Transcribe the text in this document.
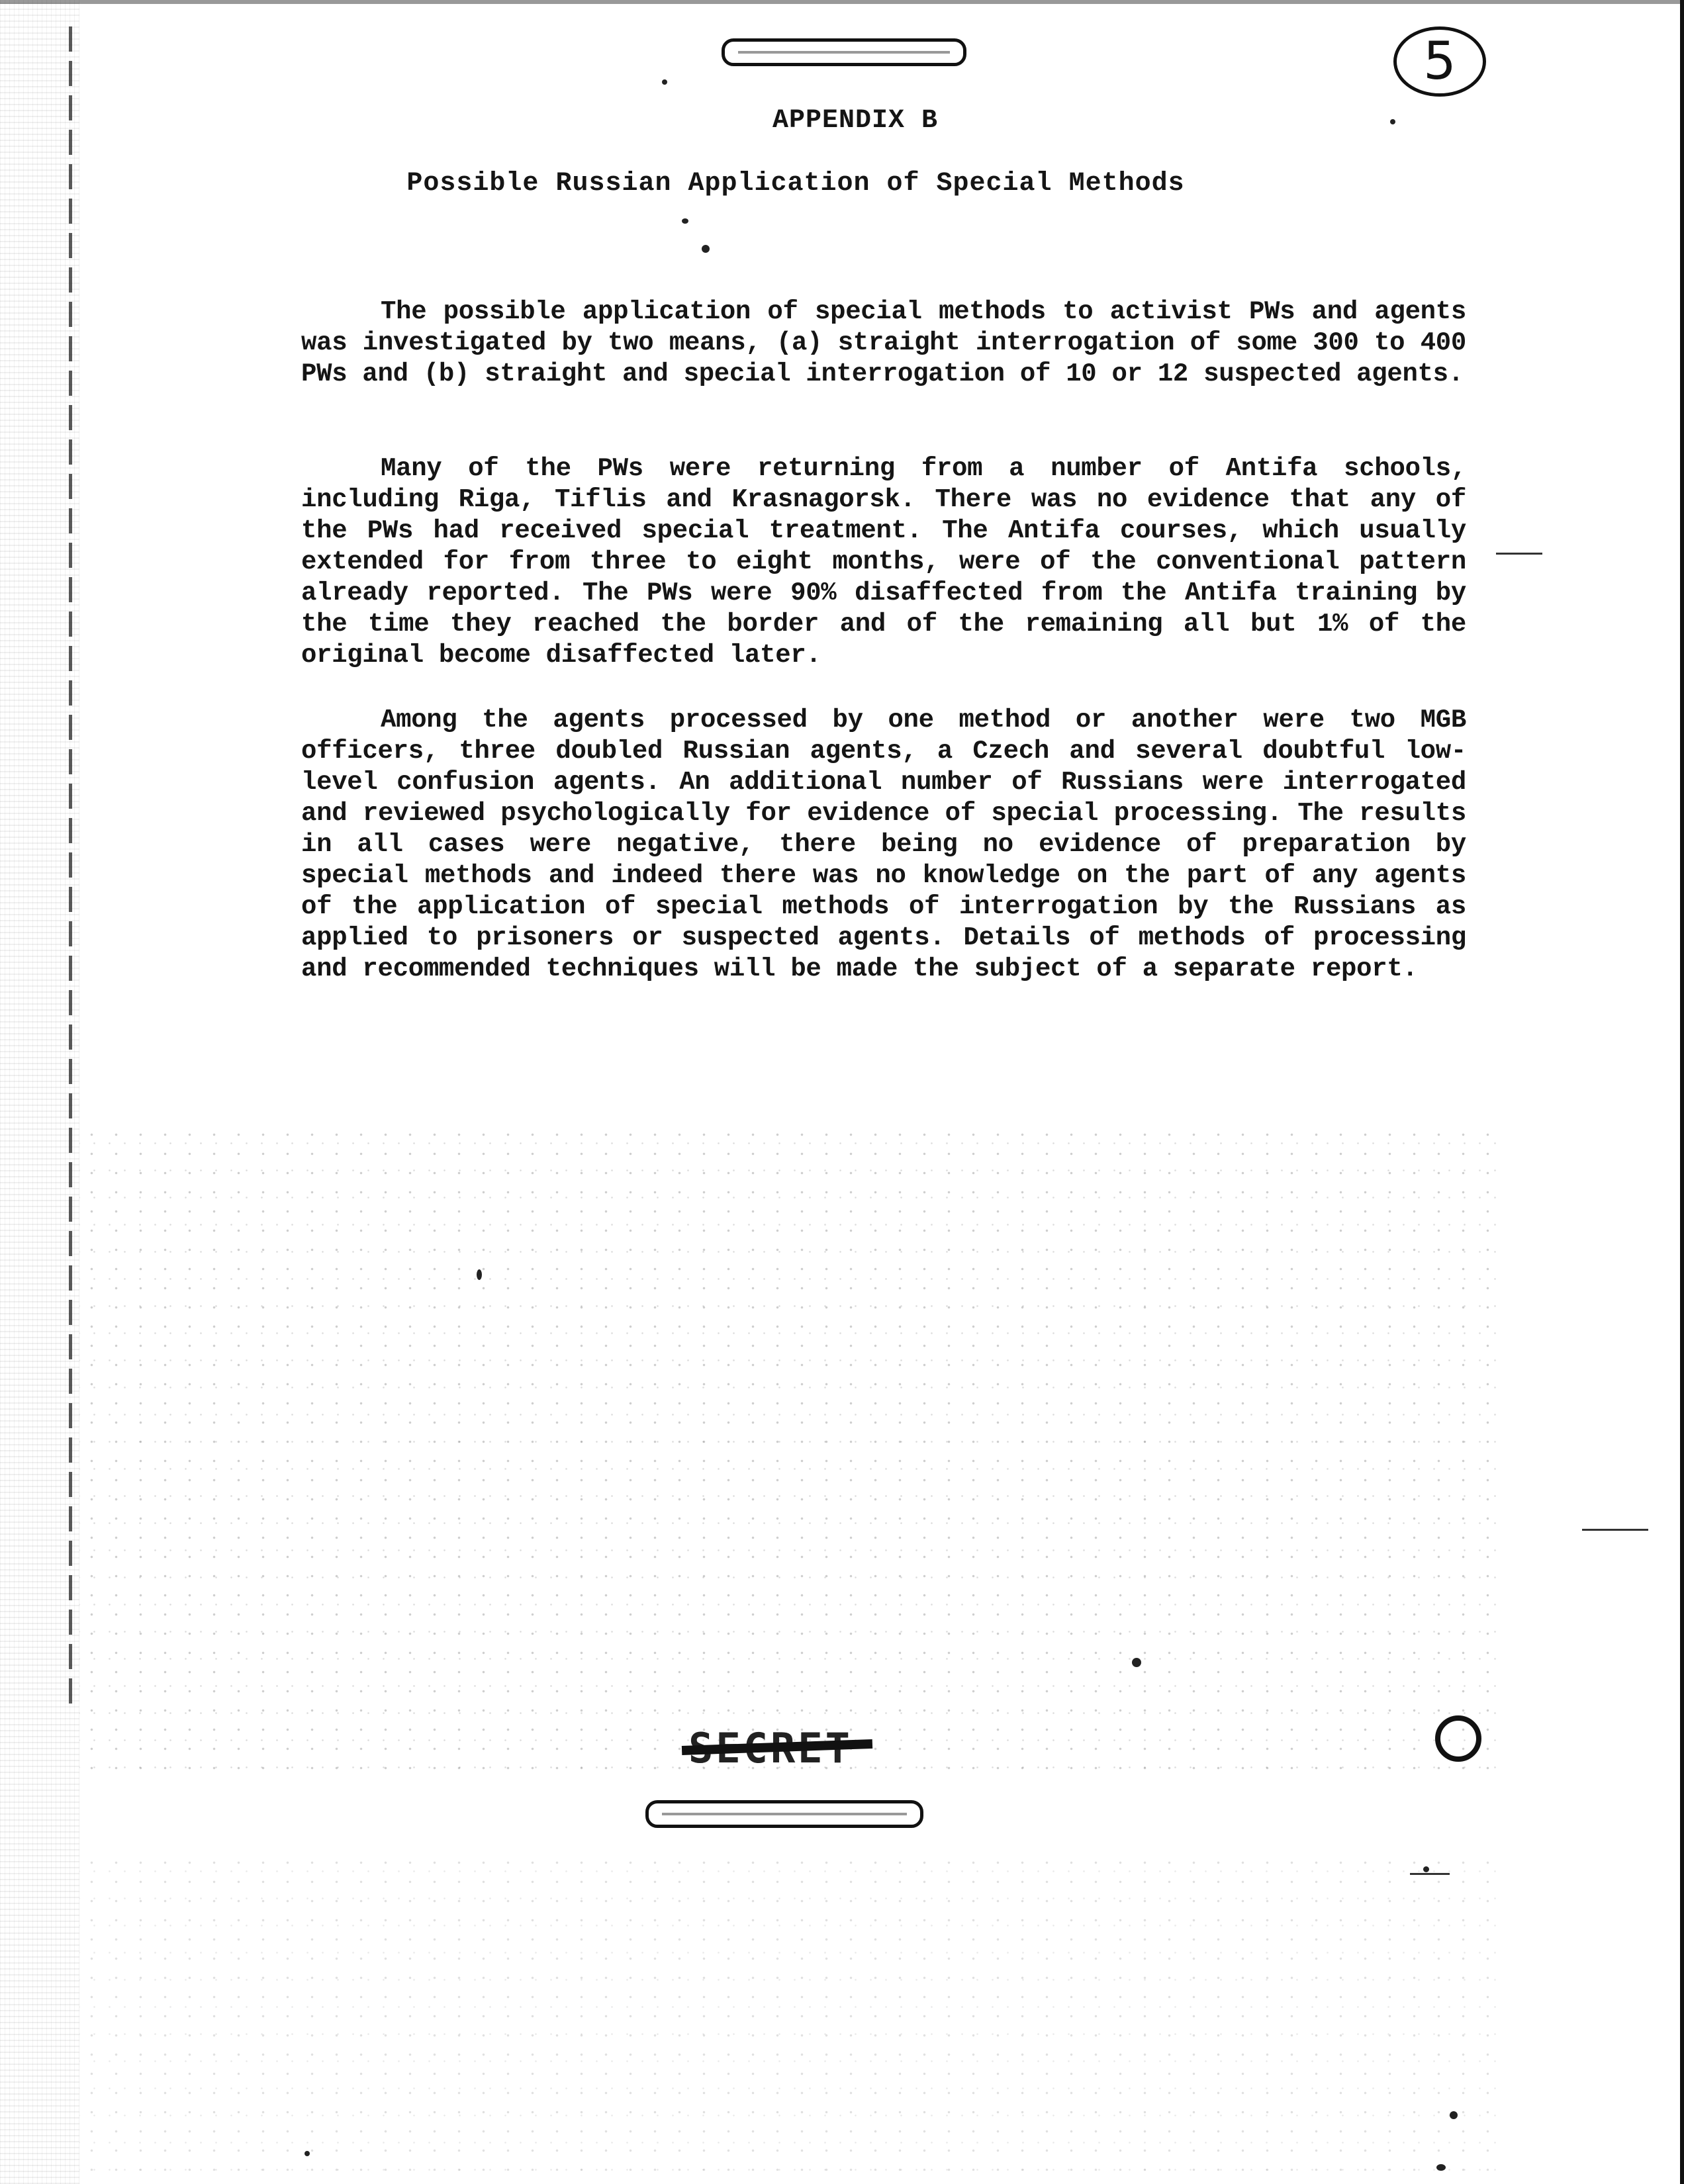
5
APPENDIX B
Possible Russian Application of Special Methods
The possible application of special methods to activist PWs and agents was investigated by two means, (a) straight interrogation of some 300 to 400 PWs and (b) straight and special interrogation of 10 or 12 suspected agents.
Many of the PWs were returning from a number of Antifa schools, including Riga, Tiflis and Krasnagorsk. There was no evidence that any of the PWs had received special treatment. The Antifa courses, which usually extended for from three to eight months, were of the conventional pattern already reported. The PWs were 90% disaffected from the Antifa training by the time they reached the border and of the remaining all but 1% of the original become disaffected later.
Among the agents processed by one method or another were two MGB officers, three doubled Russian agents, a Czech and several doubtful low-level confusion agents. An additional number of Russians were interrogated and reviewed psychologically for evidence of special processing. The results in all cases were negative, there being no evidence of preparation by special methods and indeed there was no knowledge on the part of any agents of the application of special methods of interrogation by the Russians as applied to prisoners or suspected agents. Details of methods of processing and recommended techniques will be made the subject of a separate report.
